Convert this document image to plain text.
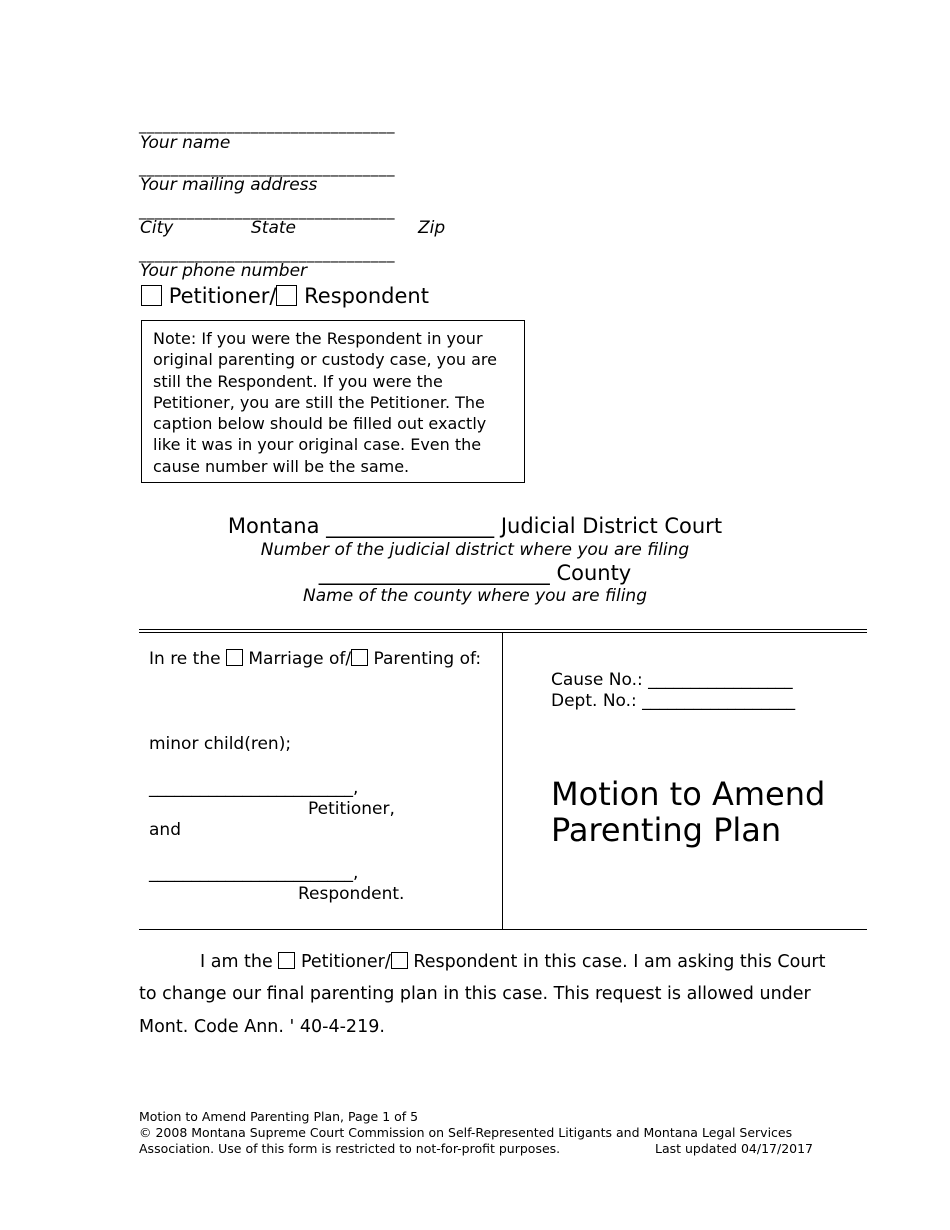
________________________________
Your name
________________________________
Your mailing address
________________________________
City	State	Zip
________________________________
Your phone number
Petitioner/ Respondent
Note: If you were the Respondent in your
original parenting or custody case, you are
still the Respondent. If you were the
Petitioner, you are still the Petitioner. The
caption below should be filled out exactly
like it was in your original case. Even the
cause number will be the same.
Montana ________________ Judicial District Court
Number of the judicial district where you are filing
______________________ County
Name of the county where you are filing
In re the Marriage of/ Parenting of:
minor child(ren);
________________________,
Petitioner,
and
________________________,
Respondent.
Cause No.: _________________
Dept. No.: __________________
Motion to Amend
Parenting Plan
I am the Petitioner/ Respondent in this case. I am asking this Court
to change our final parenting plan in this case. This request is allowed under
Mont. Code Ann. ' 40-4-219.
Motion to Amend Parenting Plan, Page 1 of 5
© 2008 Montana Supreme Court Commission on Self-Represented Litigants and Montana Legal Services
Association. Use of this form is restricted to not-for-profit purposes.	Last updated 04/17/2017
